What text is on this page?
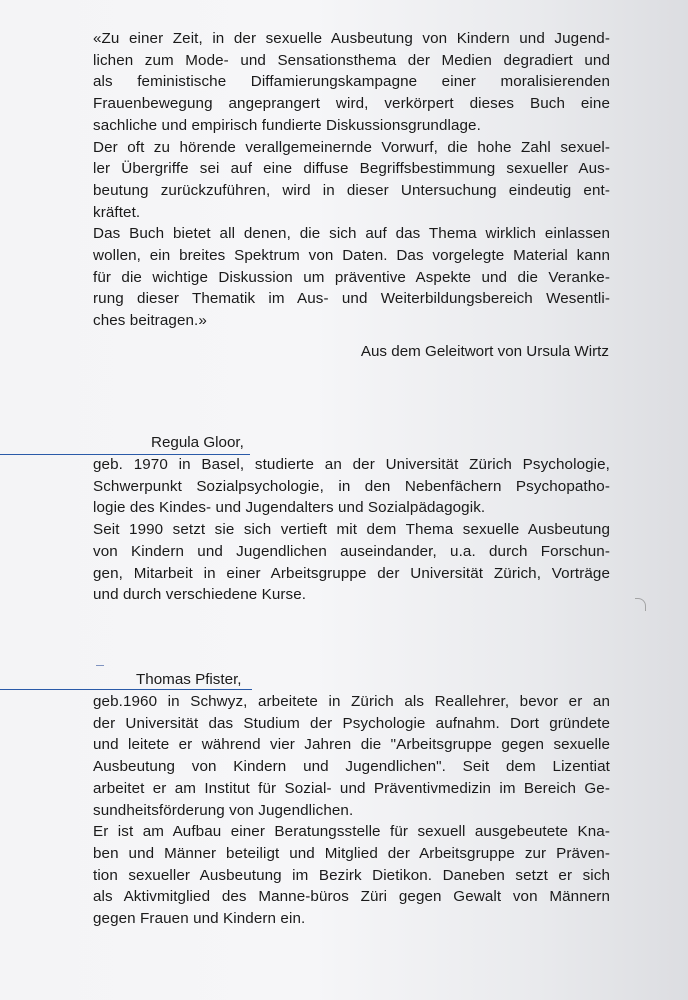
«Zu einer Zeit, in der sexuelle Ausbeutung von Kindern und Jugend-
lichen zum Mode- und Sensationsthema der Medien degradiert und
als feministische Diffamierungskampagne einer moralisierenden
Frauenbewegung angeprangert wird, verkörpert dieses Buch eine
sachliche und empirisch fundierte Diskussionsgrundlage.
Der oft zu hörende verallgemeinernde Vorwurf, die hohe Zahl sexuel-
ler Übergriffe sei auf eine diffuse Begriffsbestimmung sexueller Aus-
beutung zurückzuführen, wird in dieser Untersuchung eindeutig ent-
kräftet.
Das Buch bietet all denen, die sich auf das Thema wirklich einlassen
wollen, ein breites Spektrum von Daten. Das vorgelegte Material kann
für die wichtige Diskussion um präventive Aspekte und die Veranke-
rung dieser Thematik im Aus- und Weiterbildungsbereich Wesentli-
ches beitragen.»
Aus dem Geleitwort von Ursula Wirtz
Regula Gloor,
geb. 1970 in Basel, studierte an der Universität Zürich Psychologie,
Schwerpunkt Sozialpsychologie, in den Nebenfächern Psychopatho-
logie des Kindes- und Jugendalters und Sozialpädagogik.
Seit 1990 setzt sie sich vertieft mit dem Thema sexuelle Ausbeutung
von Kindern und Jugendlichen auseindander, u.a. durch Forschun-
gen, Mitarbeit in einer Arbeitsgruppe der Universität Zürich, Vorträge
und durch verschiedene Kurse.
Thomas Pfister,
geb.1960 in Schwyz, arbeitete in Zürich als Reallehrer, bevor er an
der Universität das Studium der Psychologie aufnahm. Dort gründete
und leitete er während vier Jahren die "Arbeitsgruppe gegen sexuelle
Ausbeutung von Kindern und Jugendlichen". Seit dem Lizentiat
arbeitet er am Institut für Sozial- und Präventivmedizin im Bereich Ge-
sundheitsförderung von Jugendlichen.
Er ist am Aufbau einer Beratungsstelle für sexuell ausgebeutete Kna-
ben und Männer beteiligt und Mitglied der Arbeitsgruppe zur Präven-
tion sexueller Ausbeutung im Bezirk Dietikon. Daneben setzt er sich
als Aktivmitglied des Manne-büros Züri gegen Gewalt von Männern
gegen Frauen und Kindern ein.
